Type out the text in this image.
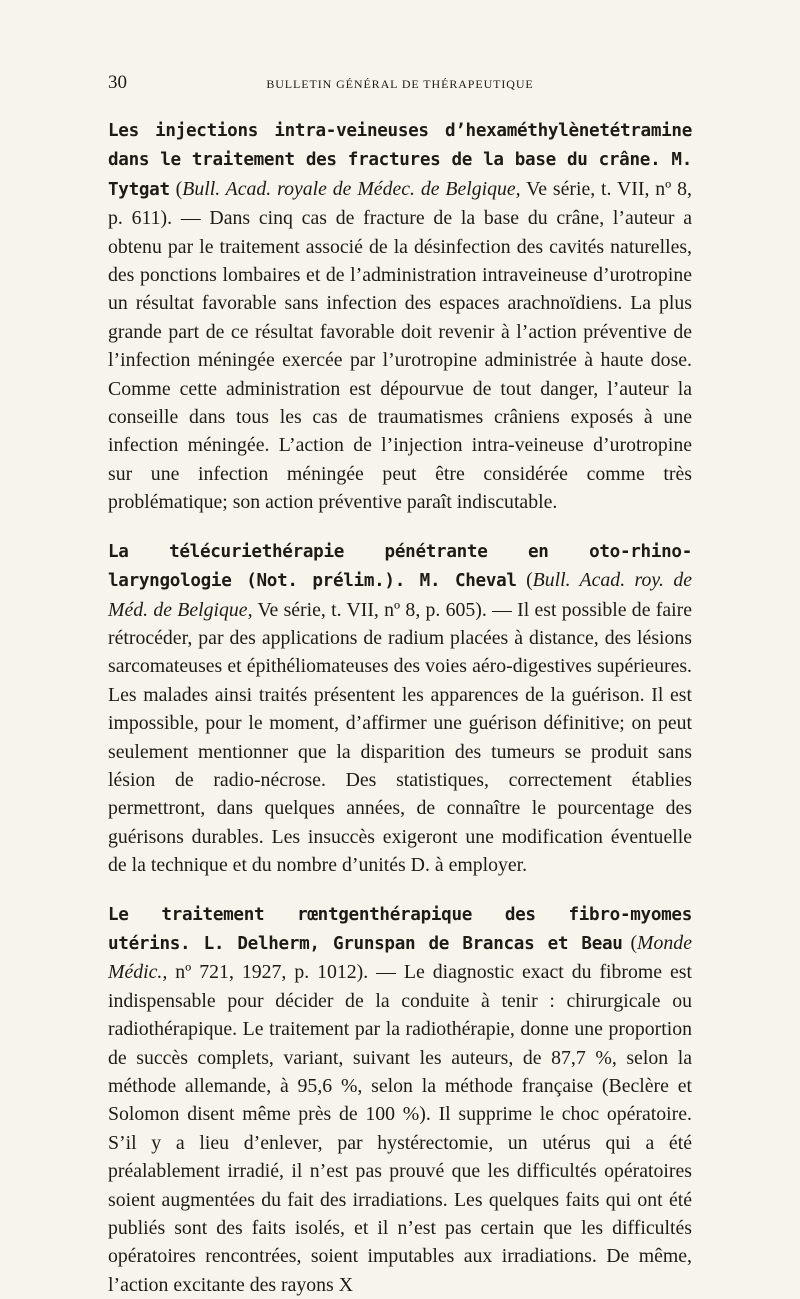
30	BULLETIN GÉNÉRAL DE THÉRAPEUTIQUE

Les injections intra-veineuses d’hexaméthylènetétramine dans le traitement des fractures de la base du crâne. M. Tytgat (Bull. Acad. royale de Médec. de Belgique, Ve série, t. VII, nº 8, p. 611). — Dans cinq cas de fracture de la base du crâne, l’auteur a obtenu par le traitement associé de la désinfection des cavités naturelles, des ponctions lombaires et de l’administration intraveineuse d’urotropine un résultat favorable sans infection des espaces arachnoïdiens. La plus grande part de ce résultat favorable doit revenir à l’action préventive de l’infection méningée exercée par l’urotropine administrée à haute dose. Comme cette administration est dépourvue de tout danger, l’auteur la conseille dans tous les cas de traumatismes crâniens exposés à une infection méningée. L’action de l’injection intra-veineuse d’urotropine sur une infection méningée peut être considérée comme très problématique; son action préventive paraît indiscutable.

La télécuriethérapie pénétrante en oto-rhino-laryngologie (Not. prélim.). M. Cheval (Bull. Acad. roy. de Méd. de Belgique, Ve série, t. VII, nº 8, p. 605). — Il est possible de faire rétrocéder, par des applications de radium placées à distance, des lésions sarcomateuses et épithéliomateuses des voies aéro-digestives supérieures. Les malades ainsi traités présentent les apparences de la guérison. Il est impossible, pour le moment, d’affirmer une guérison définitive; on peut seulement mentionner que la disparition des tumeurs se produit sans lésion de radio-nécrose. Des statistiques, correctement établies permettront, dans quelques années, de connaître le pourcentage des guérisons durables. Les insuccès exigeront une modification éventuelle de la technique et du nombre d’unités D. à employer.

Le traitement rœntgenthérapique des fibro-myomes utérins. L. Delherm, Grunspan de Brancas et Beau (Monde Médic., nº 721, 1927, p. 1012). — Le diagnostic exact du fibrome est indispensable pour décider de la conduite à tenir : chirurgicale ou radiothérapique. Le traitement par la radiothérapie, donne une proportion de succès complets, variant, suivant les auteurs, de 87,7 %, selon la méthode allemande, à 95,6 %, selon la méthode française (Beclère et Solomon disent même près de 100 %). Il supprime le choc opératoire. S’il y a lieu d’enlever, par hystérectomie, un utérus qui a été préalablement irradié, il n’est pas prouvé que les difficultés opératoires soient augmentées du fait des irradiations. Les quelques faits qui ont été publiés sont des faits isolés, et il n’est pas certain que les difficultés opératoires rencontrées, soient imputables aux irradiations. De même, l’action excitante des rayons X
